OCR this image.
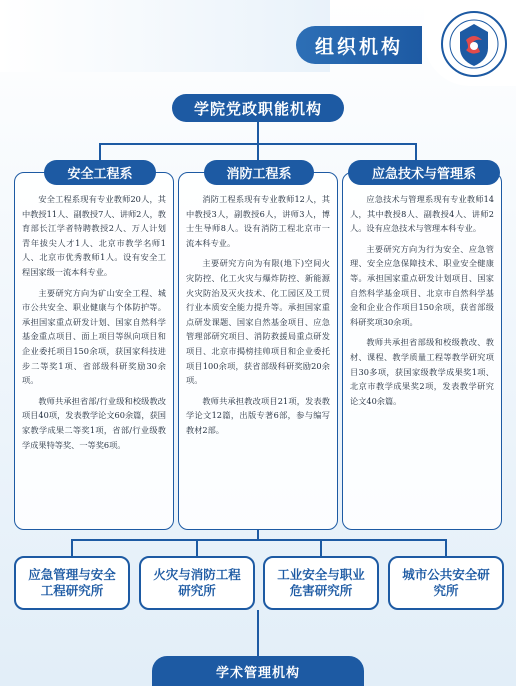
组织机构
学院党政职能机构
安全工程系	消防工程系	应急技术与管理系

安全工程系现有专业教师20人，其中教授11人、副教授7人、讲师2人，教育部长江学者特聘教授2人、万人计划青年拔尖人才1人、北京市教学名师1人、北京市优秀教师1人。设有安全工程国家级一流本科专业。

主要研究方向为矿山安全工程、城市公共安全、职业健康与个体防护等。承担国家重点研发计划、国家自然科学基金重点项目、面上项目等纵向项目和企业委托项目150余项，获国家科技进步二等奖1项、省部级科研奖励30余项。

教师共承担省部/行业级和校级教改项目40项，发表教学论文60余篇，获国家教学成果二等奖1项，省部/行业级教学成果特等奖、一等奖6项。

消防工程系现有专业教师12人，其中教授3人，副教授6人，讲师3人，博士生导师8人。设有消防工程北京市一流本科专业。

主要研究方向为有限(地下)空间火灾防控、化工火灾与爆炸防控、新能源火灾防治及灭火技术、化工园区及工贸行业本质安全能力提升等。承担国家重点研发课题、国家自然基金项目、应急管理部研究项目、消防救援局重点研发项目、北京市揭榜挂帅项目和企业委托项目100余项，获省部级科研奖励20余项。

教师共承担教改项目21项，发表教学论文12篇，出版专著6部，参与编写教材2部。

应急技术与管理系现有专业教师14人，其中教授8人、副教授4人、讲师2人。设有应急技术与管理本科专业。

主要研究方向为行为安全、应急管理、安全应急保障技术、职业安全健康等。承担国家重点研发计划项目、国家自然科学基金项目、北京市自然科学基金和企业合作项目150余项，获省部级科研奖项30余项。

教师共承担省部级和校级教改、教材、课程、教学质量工程等教学研究项目30多项，获国家级教学成果奖1项、北京市教学成果奖2项，发表教学研究论文40余篇。

应急管理与安全工程研究所
火灾与消防工程研究所
工业安全与职业危害研究所
城市公共安全研究所
学术管理机构
